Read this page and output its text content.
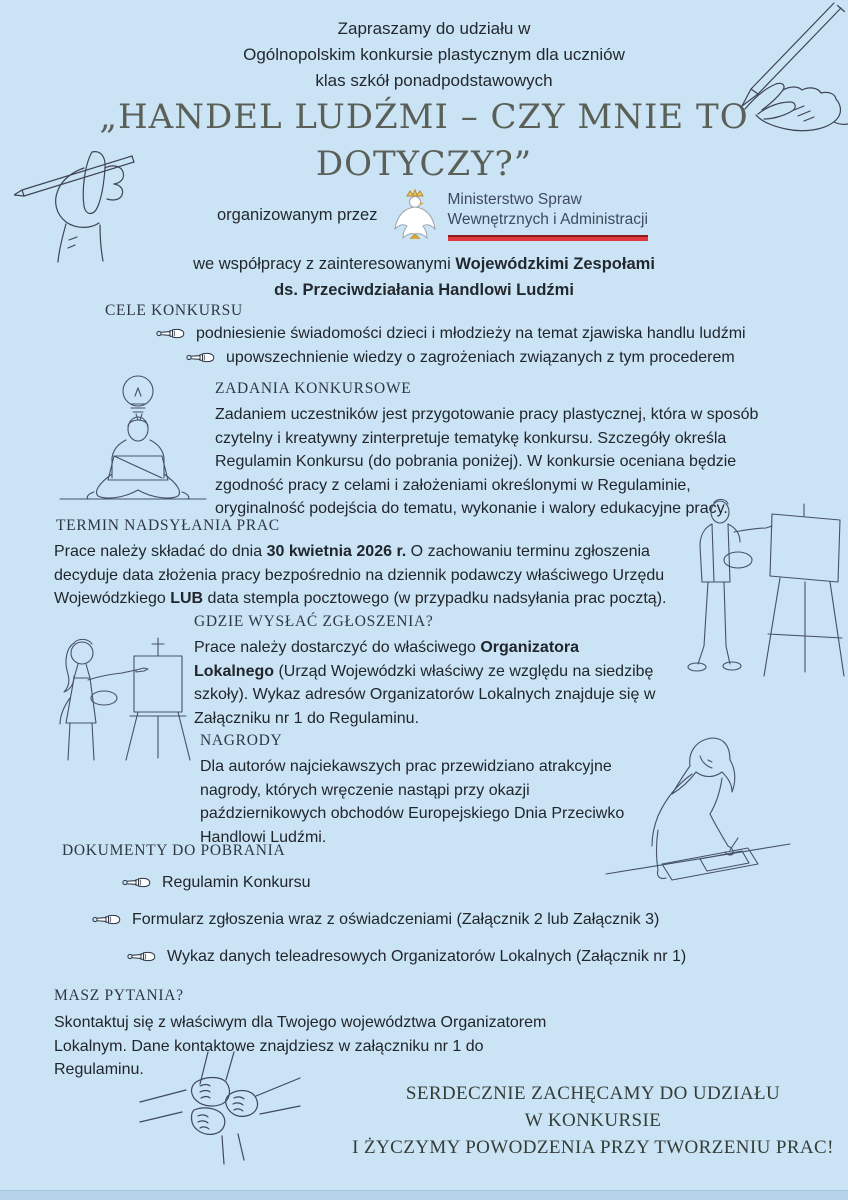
Zapraszamy do udziału w
Ogólnopolskim konkursie plastycznym dla uczniów
klas szkół ponadpodstawowych
„HANDEL LUDŹMI – CZY MNIE TO
DOTYCZY?”
organizowanym przez
Ministerstwo Spraw
Wewnętrznych i Administracji
we współpracy z zainteresowanymi Wojewódzkimi Zespołami
ds. Przeciwdziałania Handlowi Ludźmi
CELE KONKURSU
podniesienie świadomości dzieci i młodzieży na temat zjawiska handlu ludźmi
upowszechnienie wiedzy o zagrożeniach związanych z tym procederem
ZADANIA KONKURSOWE
Zadaniem uczestników jest przygotowanie pracy plastycznej, która w sposób czytelny i kreatywny zinterpretuje tematykę konkursu. Szczegóły określa Regulamin Konkursu (do pobrania poniżej). W konkursie oceniana będzie zgodność pracy z celami i założeniami określonymi w Regulaminie, oryginalność podejścia do tematu, wykonanie i walory edukacyjne pracy.
TERMIN NADSYŁANIA PRAC
Prace należy składać do dnia 30 kwietnia 2026 r. O zachowaniu terminu zgłoszenia decyduje data złożenia pracy bezpośrednio na dziennik podawczy właściwego Urzędu Wojewódzkiego LUB data stempla pocztowego (w przypadku nadsyłania prac pocztą).
GDZIE WYSŁAĆ ZGŁOSZENIA?
Prace należy dostarczyć do właściwego Organizatora Lokalnego (Urząd Wojewódzki właściwy ze względu na siedzibę szkoły). Wykaz adresów Organizatorów Lokalnych znajduje się w Załączniku nr 1 do Regulaminu.
NAGRODY
Dla autorów najciekawszych prac przewidziano atrakcyjne nagrody, których wręczenie nastąpi przy okazji październikowych obchodów Europejskiego Dnia Przeciwko Handlowi Ludźmi.
DOKUMENTY DO POBRANIA
Regulamin Konkursu
Formularz zgłoszenia wraz z oświadczeniami (Załącznik 2 lub Załącznik 3)
Wykaz danych teleadresowych Organizatorów Lokalnych (Załącznik nr 1)
MASZ PYTANIA?
Skontaktuj się z właściwym dla Twojego województwa Organizatorem Lokalnym. Dane kontaktowe znajdziesz w załączniku nr 1 do Regulaminu.
SERDECZNIE ZACHĘCAMY DO UDZIAŁU
W KONKURSIE
I ŻYCZYMY POWODZENIA PRZY TWORZENIU PRAC!
